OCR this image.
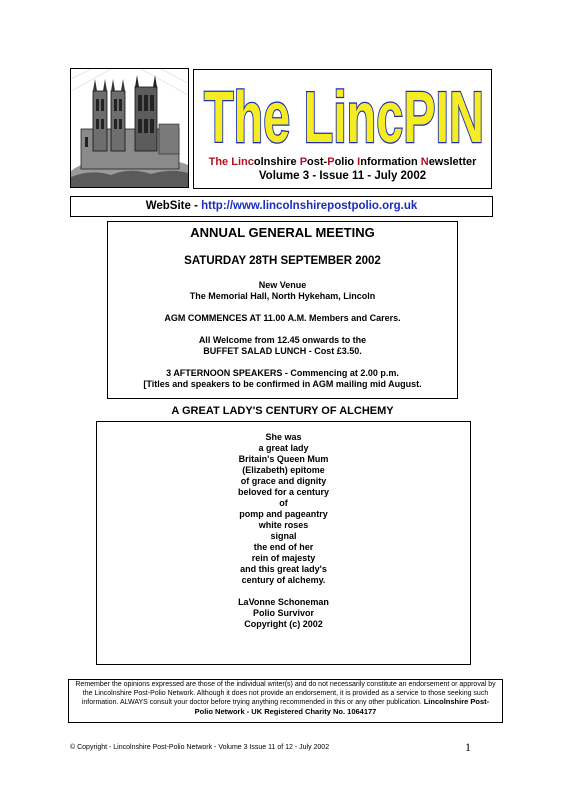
The LincPIN
The Lincolnshire Post-Polio Information Newsletter
Volume 3 - Issue 11 - July 2002
WebSite - http://www.lincolnshirepostpolio.org.uk
ANNUAL GENERAL MEETING
SATURDAY 28TH SEPTEMBER 2002
New Venue
The Memorial Hall, North Hykeham, Lincoln
AGM COMMENCES AT 11.00 A.M. Members and Carers.
All Welcome from 12.45 onwards to the
BUFFET SALAD LUNCH - Cost £3.50.
3 AFTERNOON SPEAKERS - Commencing at 2.00 p.m.
[Titles and speakers to be confirmed in AGM mailing mid August.
A GREAT LADY'S CENTURY OF ALCHEMY
She was
a great lady
Britain's Queen Mum
(Elizabeth) epitome
of grace and dignity
beloved for a century
of
pomp and pageantry
white roses
signal
the end of her
rein of majesty
and this great lady's
century of alchemy.
LaVonne Schoneman
Polio Survivor
Copyright (c) 2002
Remember the opinions expressed are those of the individual writer(s) and do not necessarily constitute an endorsement or approval by the Lincolnshire Post-Polio Network. Although it does not provide an endorsement, it is provided as a service to those seeking such information. ALWAYS consult your doctor before trying anything recommended in this or any other publication. Lincolnshire Post-Polio Network - UK Registered Charity No. 1064177
© Copyright - Lincolnshire Post-Polio Network - Volume 3 Issue 11 of 12 - July 2002	1
